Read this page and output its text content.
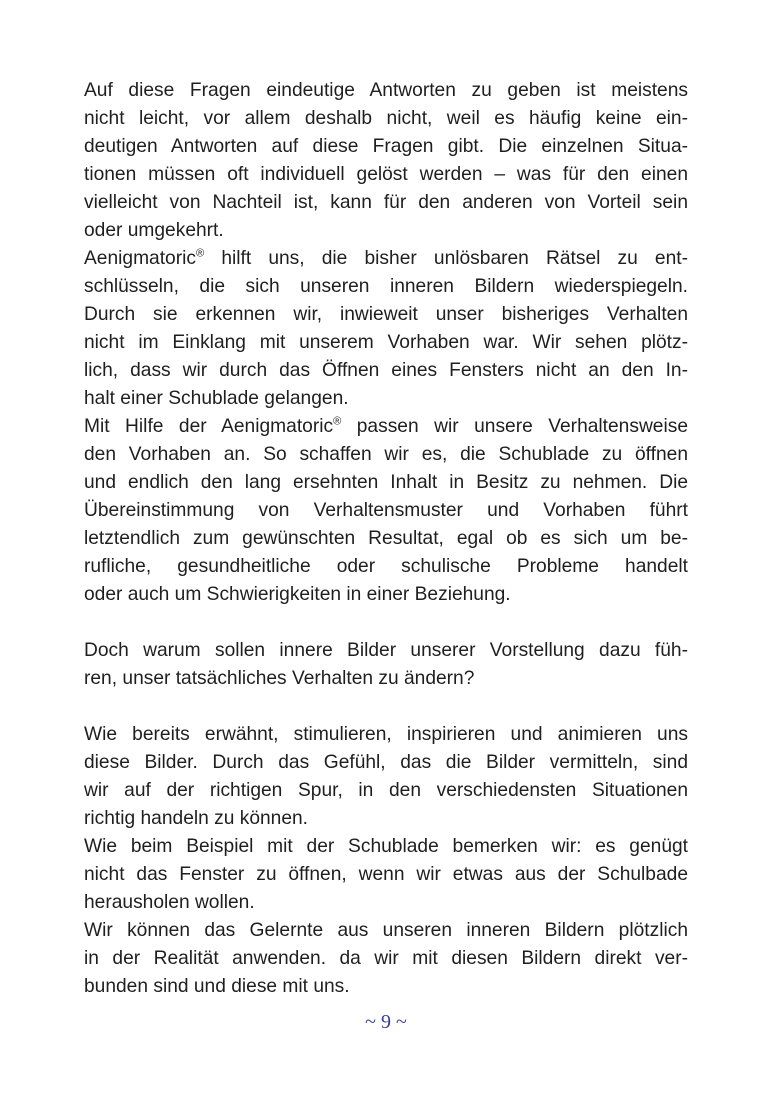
Auf diese Fragen eindeutige Antworten zu geben ist meistens
nicht leicht, vor allem deshalb nicht, weil es häufig keine ein-
deutigen Antworten auf diese Fragen gibt. Die einzelnen Situa-
tionen müssen oft individuell gelöst werden – was für den einen
vielleicht von Nachteil ist, kann für den anderen von Vorteil sein
oder umgekehrt.
Aenigmatoric® hilft uns, die bisher unlösbaren Rätsel zu ent-
schlüsseln, die sich unseren inneren Bildern wiederspiegeln.
Durch sie erkennen wir, inwieweit unser bisheriges Verhalten
nicht im Einklang mit unserem Vorhaben war. Wir sehen plötz-
lich, dass wir durch das Öffnen eines Fensters nicht an den In-
halt einer Schublade gelangen.
Mit Hilfe der Aenigmatoric® passen wir unsere Verhaltensweise
den Vorhaben an. So schaffen wir es, die Schublade zu öffnen
und endlich den lang ersehnten Inhalt in Besitz zu nehmen. Die
Übereinstimmung von Verhaltensmuster und Vorhaben führt
letztendlich zum gewünschten Resultat, egal ob es sich um be-
rufliche, gesundheitliche oder schulische Probleme handelt
oder auch um Schwierigkeiten in einer Beziehung.
Doch warum sollen innere Bilder unserer Vorstellung dazu füh-
ren, unser tatsächliches Verhalten zu ändern?
Wie bereits erwähnt, stimulieren, inspirieren und animieren uns
diese Bilder. Durch das Gefühl, das die Bilder vermitteln, sind
wir auf der richtigen Spur, in den verschiedensten Situationen
richtig handeln zu können.
Wie beim Beispiel mit der Schublade bemerken wir: es genügt
nicht das Fenster zu öffnen, wenn wir etwas aus der Schulbade
herausholen wollen.
Wir können das Gelernte aus unseren inneren Bildern plötzlich
in der Realität anwenden. da wir mit diesen Bildern direkt ver-
bunden sind und diese mit uns.
~ 9 ~
